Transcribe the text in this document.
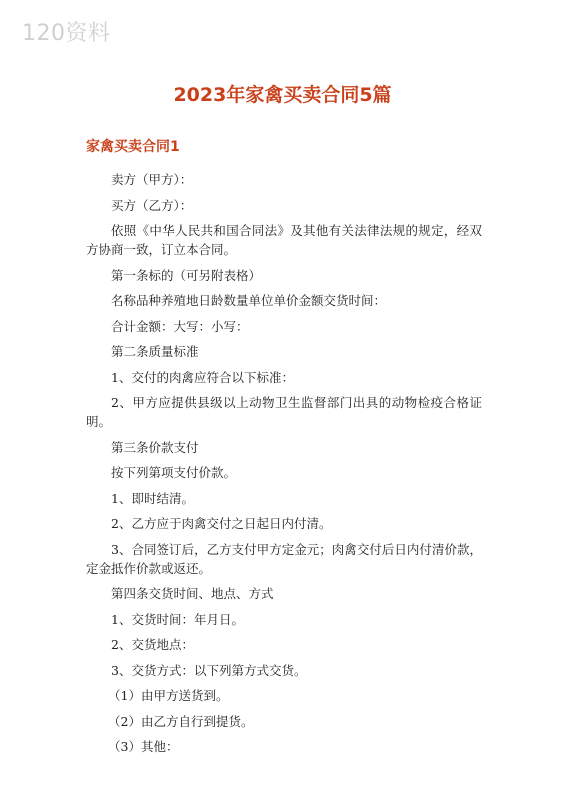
120资料
2023年家禽买卖合同5篇
家禽买卖合同1

卖方（甲方）：

买方（乙方）：

依照《中华人民共和国合同法》及其他有关法律法规的规定，经双方协商一致，订立本合同。

第一条标的（可另附表格）

名称品种养殖地日龄数量单位单价金额交货时间：

合计金额：大写：小写：

第二条质量标准

1、交付的肉禽应符合以下标准：

2、甲方应提供县级以上动物卫生监督部门出具的动物检疫合格证明。

第三条价款支付

按下列第项支付价款。

1、即时结清。

2、乙方应于肉禽交付之日起日内付清。

3、合同签订后，乙方支付甲方定金元；肉禽交付后日内付清价款，定金抵作价款或返还。

第四条交货时间、地点、方式

1、交货时间：年月日。

2、交货地点：

3、交货方式：以下列第方式交货。

（1）由甲方送货到。

（2）由乙方自行到提货。

（3）其他：
